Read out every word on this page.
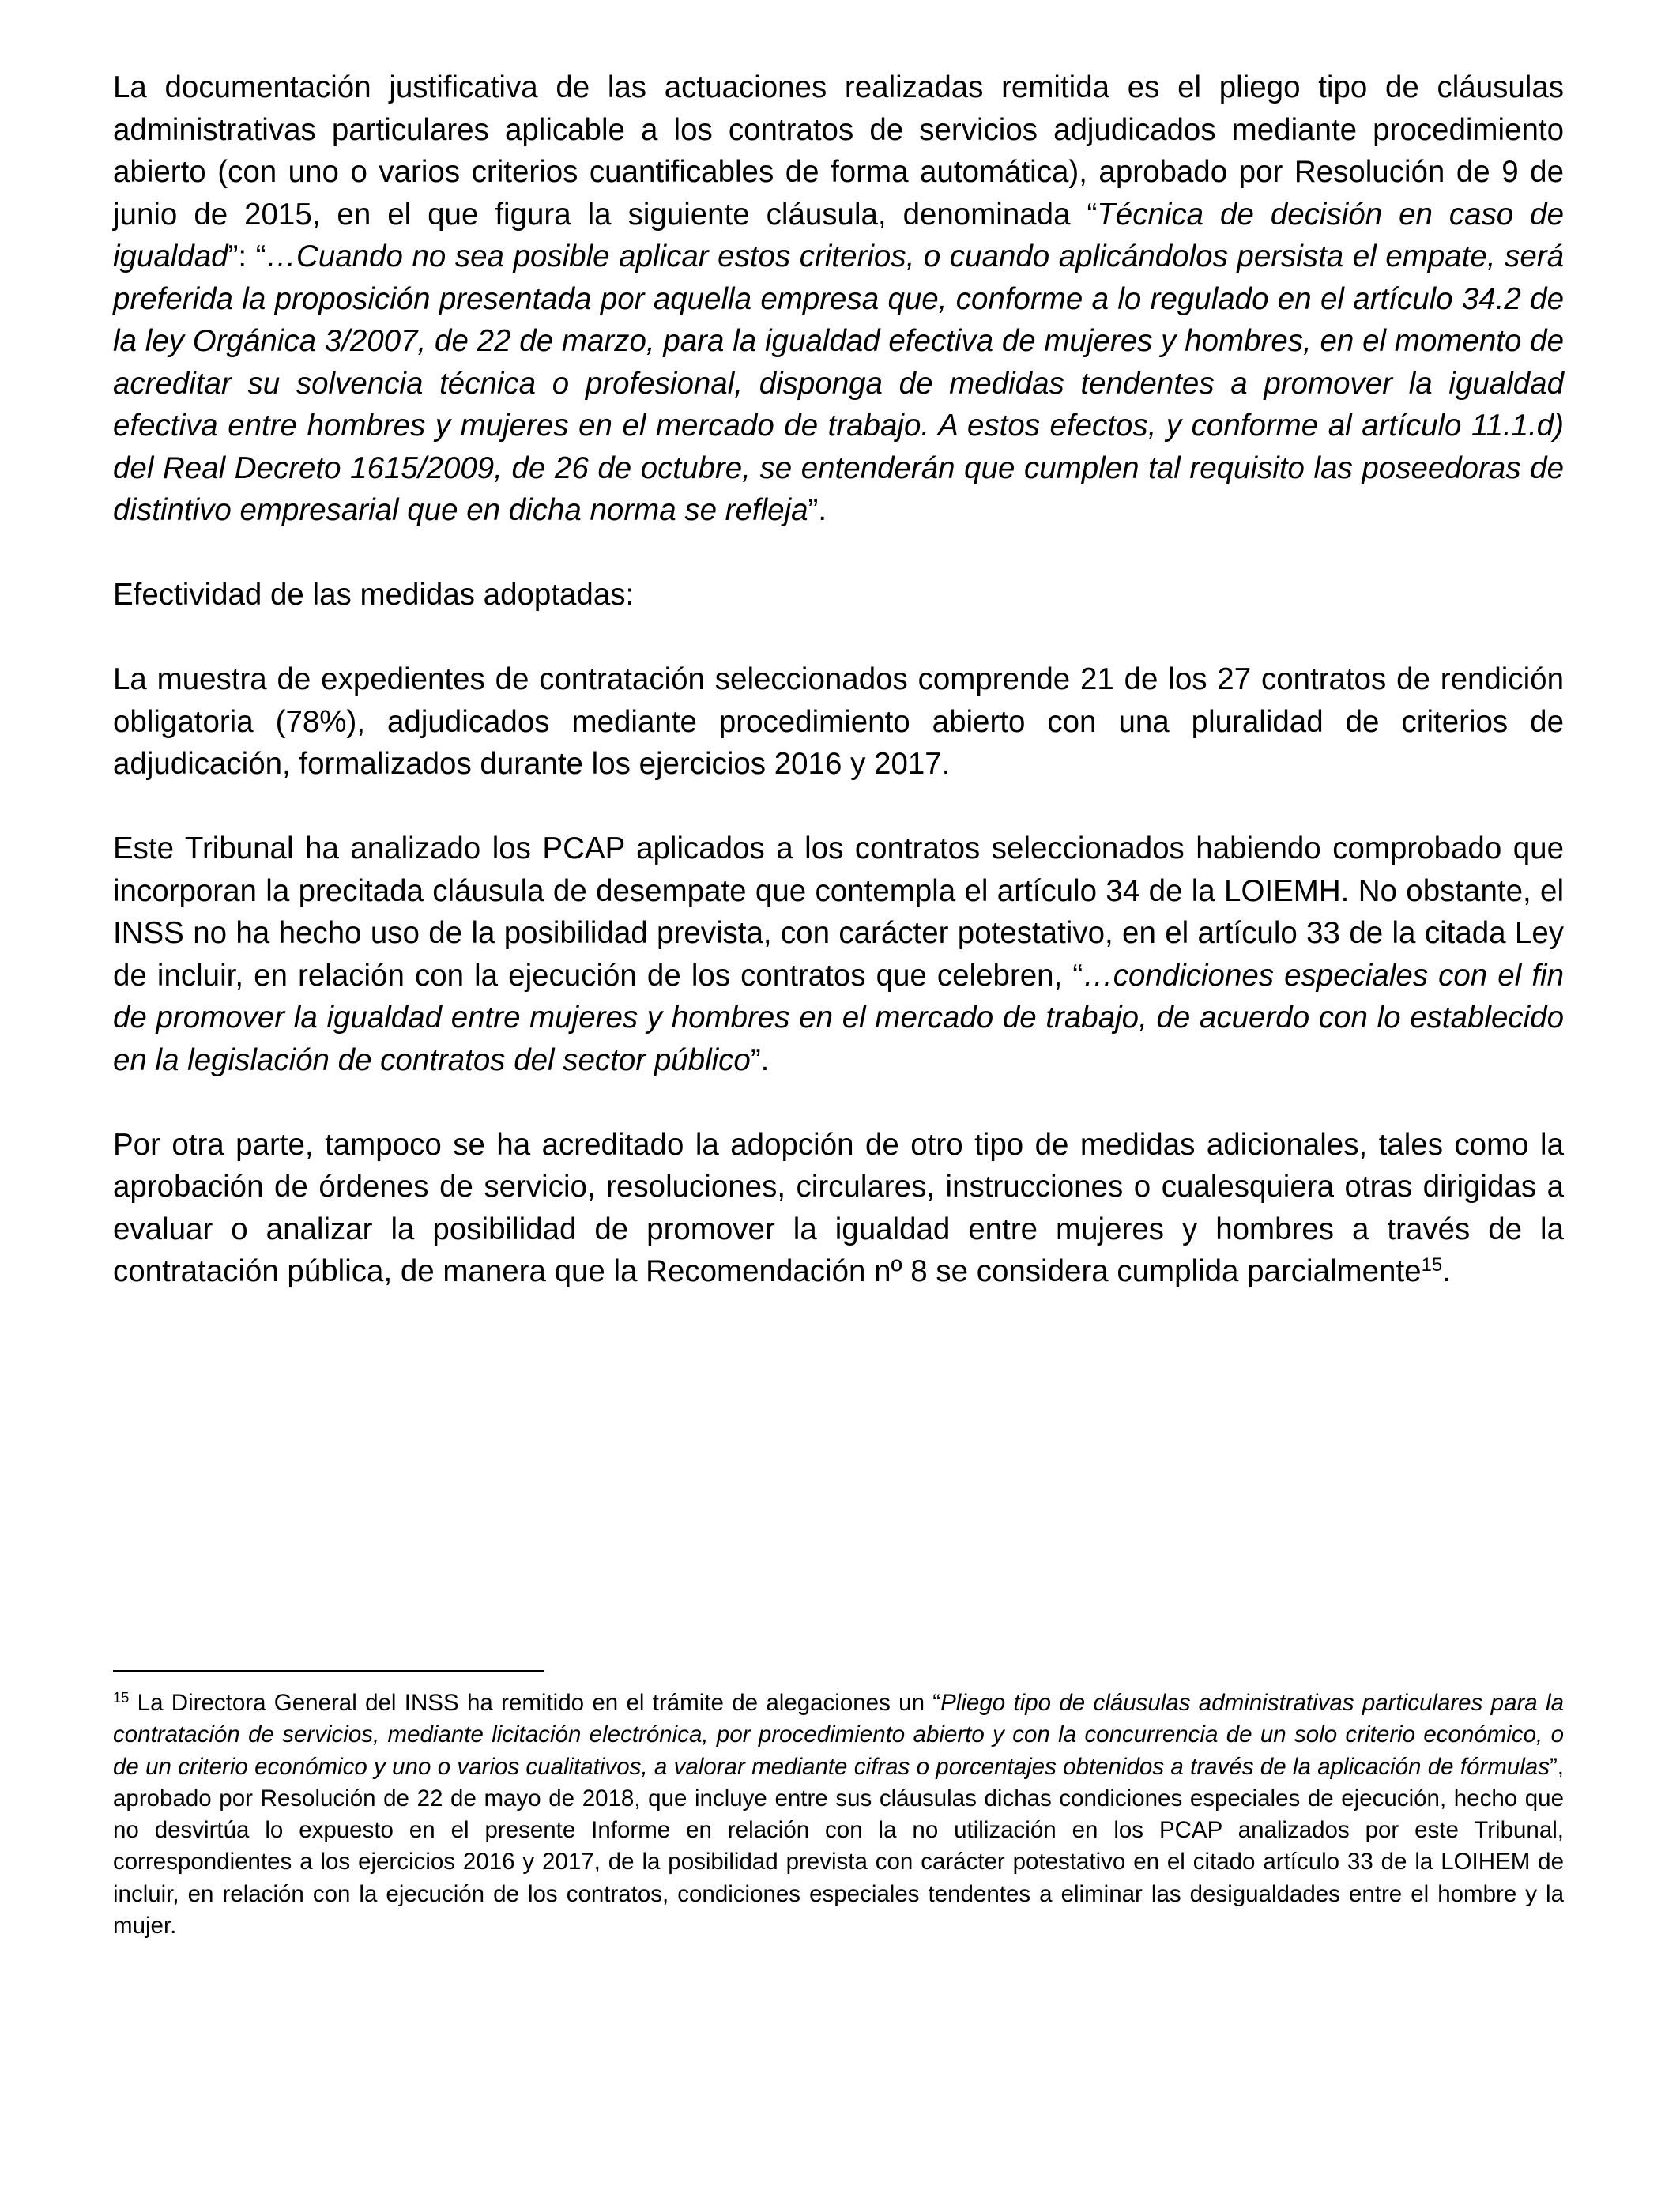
La documentación justificativa de las actuaciones realizadas remitida es el pliego tipo de cláusulas administrativas particulares aplicable a los contratos de servicios adjudicados mediante procedimiento abierto (con uno o varios criterios cuantificables de forma automática), aprobado por Resolución de 9 de junio de 2015, en el que figura la siguiente cláusula, denominada “Técnica de decisión en caso de igualdad”: “…Cuando no sea posible aplicar estos criterios, o cuando aplicándolos persista el empate, será preferida la proposición presentada por aquella empresa que, conforme a lo regulado en el artículo 34.2 de la ley Orgánica 3/2007, de 22 de marzo, para la igualdad efectiva de mujeres y hombres, en el momento de acreditar su solvencia técnica o profesional, disponga de medidas tendentes a promover la igualdad efectiva entre hombres y mujeres en el mercado de trabajo. A estos efectos, y conforme al artículo 11.1.d) del Real Decreto 1615/2009, de 26 de octubre, se entenderán que cumplen tal requisito las poseedoras de distintivo empresarial que en dicha norma se refleja”.

Efectividad de las medidas adoptadas:

La muestra de expedientes de contratación seleccionados comprende 21 de los 27 contratos de rendición obligatoria (78%), adjudicados mediante procedimiento abierto con una pluralidad de criterios de adjudicación, formalizados durante los ejercicios 2016 y 2017.

Este Tribunal ha analizado los PCAP aplicados a los contratos seleccionados habiendo comprobado que incorporan la precitada cláusula de desempate que contempla el artículo 34 de la LOIEMH. No obstante, el INSS no ha hecho uso de la posibilidad prevista, con carácter potestativo, en el artículo 33 de la citada Ley de incluir, en relación con la ejecución de los contratos que celebren, “…condiciones especiales con el fin de promover la igualdad entre mujeres y hombres en el mercado de trabajo, de acuerdo con lo establecido en la legislación de contratos del sector público”.

Por otra parte, tampoco se ha acreditado la adopción de otro tipo de medidas adicionales, tales como la aprobación de órdenes de servicio, resoluciones, circulares, instrucciones o cualesquiera otras dirigidas a evaluar o analizar la posibilidad de promover la igualdad entre mujeres y hombres a través de la contratación pública, de manera que la Recomendación nº 8 se considera cumplida parcialmente$^{15}$.

$^{15}$ La Directora General del INSS ha remitido en el trámite de alegaciones un “Pliego tipo de cláusulas administrativas particulares para la contratación de servicios, mediante licitación electrónica, por procedimiento abierto y con la concurrencia de un solo criterio económico, o de un criterio económico y uno o varios cualitativos, a valorar mediante cifras o porcentajes obtenidos a través de la aplicación de fórmulas”, aprobado por Resolución de 22 de mayo de 2018, que incluye entre sus cláusulas dichas condiciones especiales de ejecución, hecho que no desvirtúa lo expuesto en el presente Informe en relación con la no utilización en los PCAP analizados por este Tribunal, correspondientes a los ejercicios 2016 y 2017, de la posibilidad prevista con carácter potestativo en el citado artículo 33 de la LOIHEM de incluir, en relación con la ejecución de los contratos, condiciones especiales tendentes a eliminar las desigualdades entre el hombre y la mujer.
